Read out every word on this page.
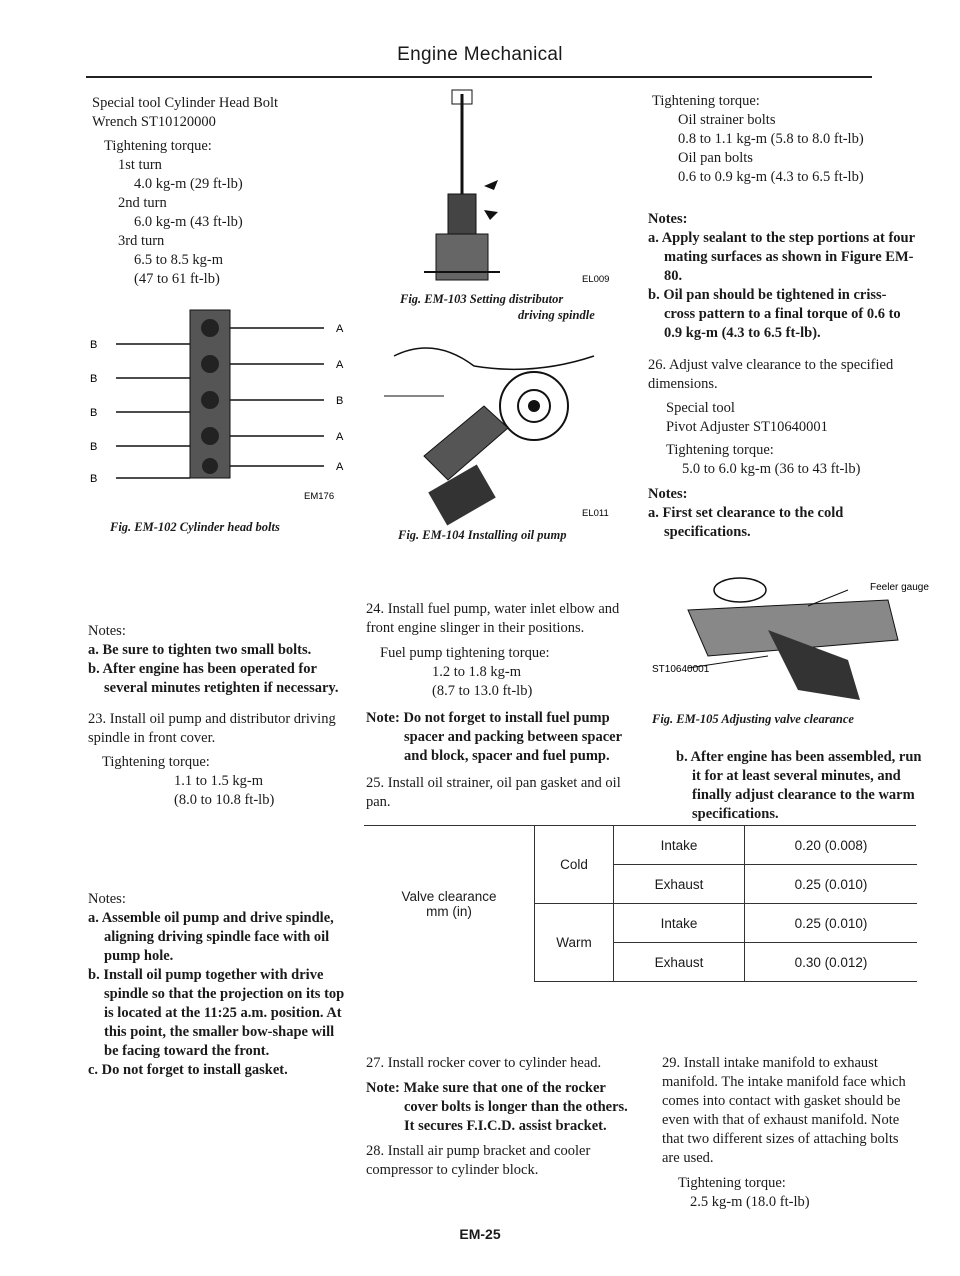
Engine Mechanical
Special tool Cylinder Head Bolt
Wrench ST10120000
Tightening torque:
1st turn
4.0 kg-m (29 ft-lb)
2nd turn
6.0 kg-m (43 ft-lb)
3rd turn
6.5 to 8.5 kg-m
(47 to 61 ft-lb)
B
B
B
B
B
A
A
B
A
A
EM176
Fig. EM-102 Cylinder head bolts
Notes:
a. Be sure to tighten two small bolts.
b. After engine has been operated for several minutes retighten if necessary.
23. Install oil pump and distributor driving spindle in front cover.
Tightening torque:
1.1 to 1.5 kg-m
(8.0 to 10.8 ft-lb)
Notes:
a. Assemble oil pump and drive spindle, aligning driving spindle face with oil pump hole.
b. Install oil pump together with drive spindle so that the projection on its top is located at the 11:25 a.m. position. At this point, the smaller bow-shape will be facing toward the front.
c. Do not forget to install gasket.
EL009
Fig. EM-103 Setting distributor
driving spindle
EL011
Fig. EM-104 Installing oil pump
24. Install fuel pump, water inlet elbow and front engine slinger in their positions.
Fuel pump tightening torque:
1.2 to 1.8 kg-m
(8.7 to 13.0 ft-lb)
Note: Do not forget to install fuel pump spacer and packing between spacer and block, spacer and fuel pump.
25. Install oil strainer, oil pan gasket and oil pan.
Tightening torque:
Oil strainer bolts
0.8 to 1.1 kg-m (5.8 to 8.0 ft-lb)
Oil pan bolts
0.6 to 0.9 kg-m (4.3 to 6.5 ft-lb)
Notes:
a. Apply sealant to the step portions at four mating surfaces as shown in Figure EM-80.
b. Oil pan should be tightened in criss-cross pattern to a final torque of 0.6 to 0.9 kg-m (4.3 to 6.5 ft-lb).
26. Adjust valve clearance to the specified dimensions.
Special tool
Pivot Adjuster ST10640001
Tightening torque:
5.0 to 6.0 kg-m (36 to 43 ft-lb)
Notes:
a. First set clearance to the cold specifications.
Feeler gauge
ST10640001
Fig. EM-105 Adjusting valve clearance
b. After engine has been assembled, run it for at least several minutes, and finally adjust clearance to the warm specifications.
Valve clearance
mm (in)	Cold	Intake	0.20 (0.008)
		Exhaust	0.25 (0.010)
	Warm	Intake	0.25 (0.010)
		Exhaust	0.30 (0.012)
27. Install rocker cover to cylinder head.
Note: Make sure that one of the rocker cover bolts is longer than the others. It secures F.I.C.D. assist bracket.
28. Install air pump bracket and cooler compressor to cylinder block.
29. Install intake manifold to exhaust manifold. The intake manifold face which comes into contact with gasket should be even with that of exhaust manifold. Note that two different sizes of attaching bolts are used.
Tightening torque:
2.5 kg-m (18.0 ft-lb)
EM-25
